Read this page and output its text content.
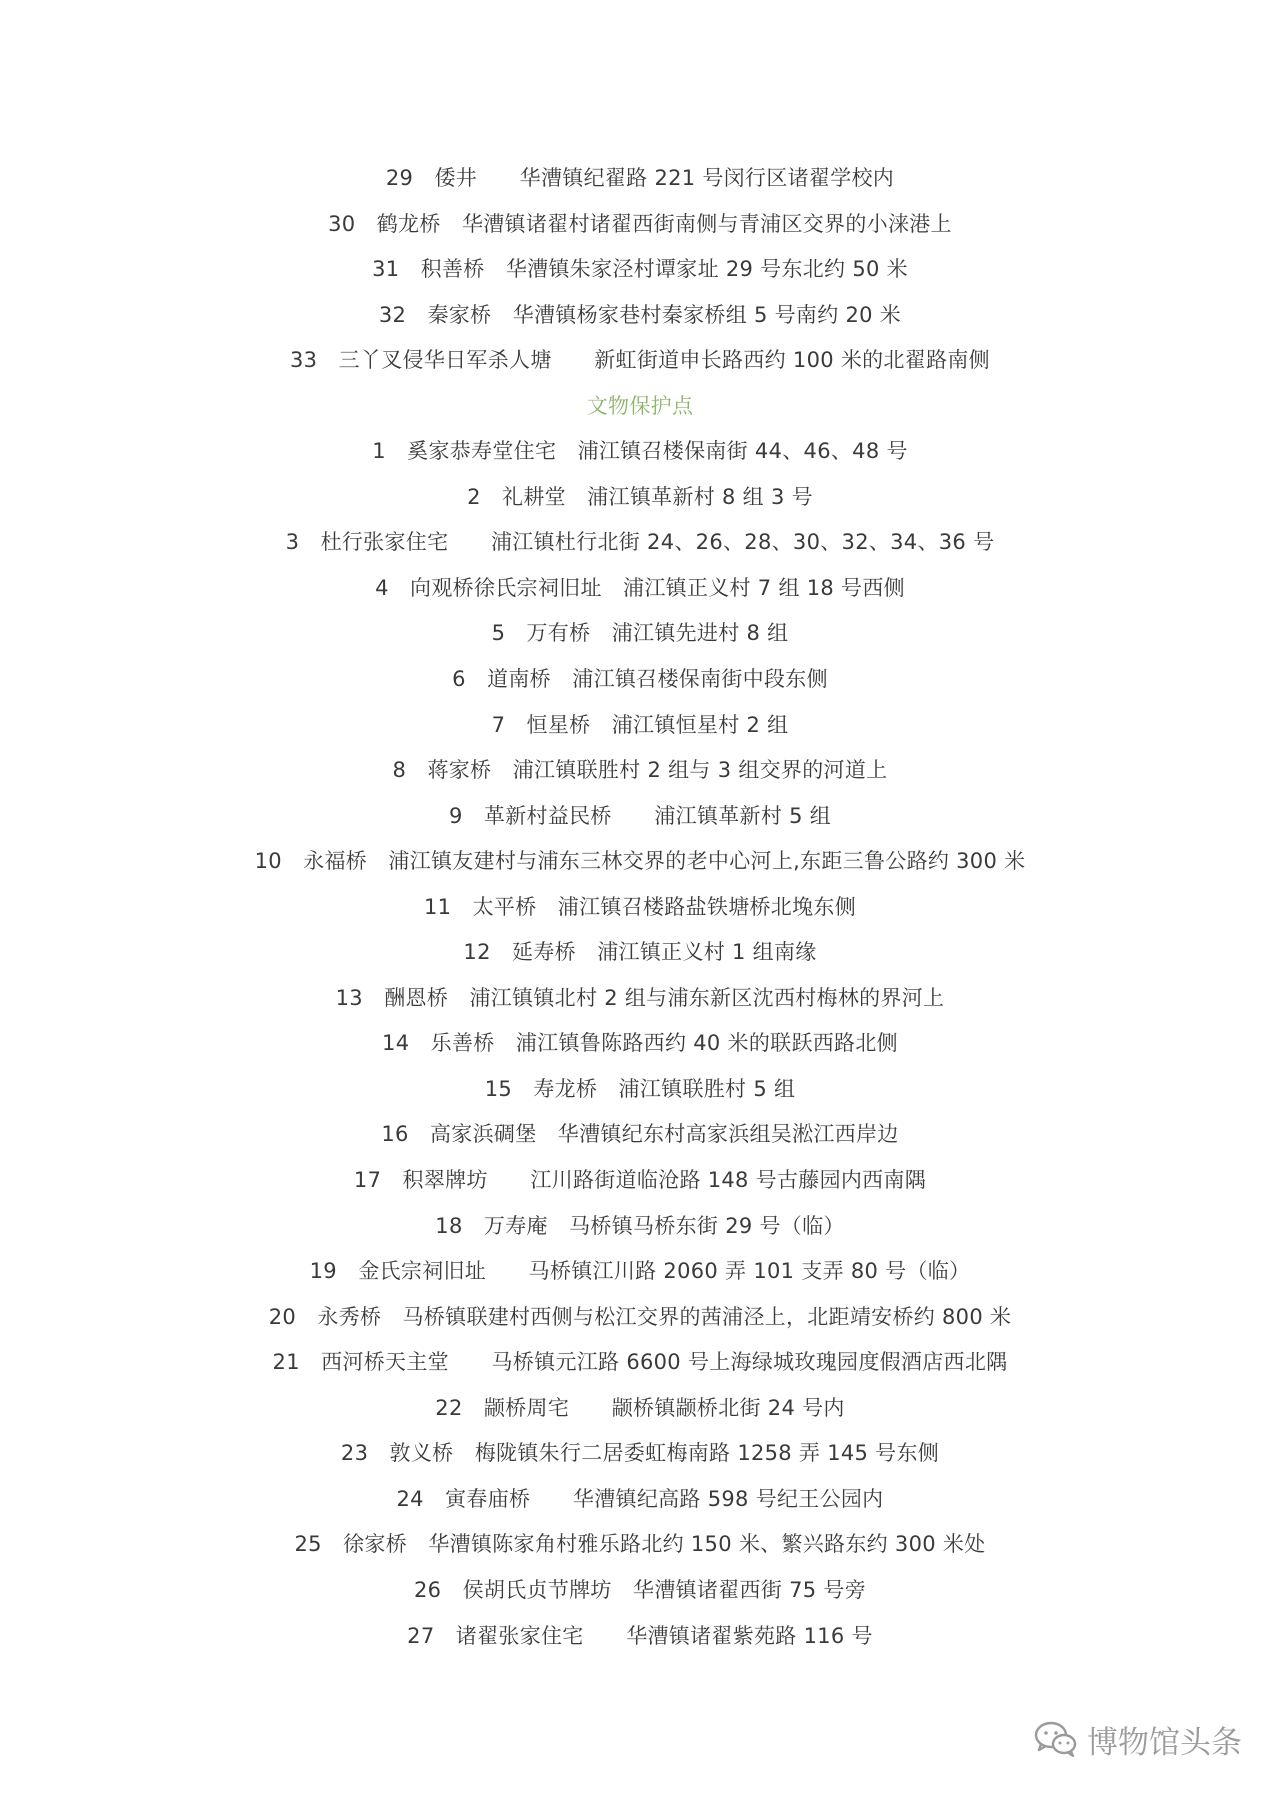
29　倭井　　华漕镇纪翟路 221 号闵行区诸翟学校内
30　鹤龙桥　华漕镇诸翟村诸翟西街南侧与青浦区交界的小涞港上
31　积善桥　华漕镇朱家泾村谭家址 29 号东北约 50 米
32　秦家桥　华漕镇杨家巷村秦家桥组 5 号南约 20 米
33　三丫叉侵华日军杀人塘　　新虹街道申长路西约 100 米的北翟路南侧
文物保护点
1　奚家恭寿堂住宅　浦江镇召楼保南街 44、46、48 号
2　礼耕堂　浦江镇革新村 8 组 3 号
3　杜行张家住宅　　浦江镇杜行北街 24、26、28、30、32、34、36 号
4　向观桥徐氏宗祠旧址　浦江镇正义村 7 组 18 号西侧
5　万有桥　浦江镇先进村 8 组
6　道南桥　浦江镇召楼保南街中段东侧
7　恒星桥　浦江镇恒星村 2 组
8　蒋家桥　浦江镇联胜村 2 组与 3 组交界的河道上
9　革新村益民桥　　浦江镇革新村 5 组
10　永福桥　浦江镇友建村与浦东三林交界的老中心河上,东距三鲁公路约 300 米
11　太平桥　浦江镇召楼路盐铁塘桥北堍东侧
12　延寿桥　浦江镇正义村 1 组南缘
13　酬恩桥　浦江镇镇北村 2 组与浦东新区沈西村梅林的界河上
14　乐善桥　浦江镇鲁陈路西约 40 米的联跃西路北侧
15　寿龙桥　浦江镇联胜村 5 组
16　高家浜碉堡　华漕镇纪东村高家浜组吴淞江西岸边
17　积翠牌坊　　江川路街道临沧路 148 号古藤园内西南隅
18　万寿庵　马桥镇马桥东街 29 号（临）
19　金氏宗祠旧址　　马桥镇江川路 2060 弄 101 支弄 80 号（临）
20　永秀桥　马桥镇联建村西侧与松江交界的茜浦泾上，北距靖安桥约 800 米
21　西河桥天主堂　　马桥镇元江路 6600 号上海绿城玫瑰园度假酒店西北隅
22　颛桥周宅　　颛桥镇颛桥北街 24 号内
23　敦义桥　梅陇镇朱行二居委虹梅南路 1258 弄 145 号东侧
24　寅春庙桥　　华漕镇纪高路 598 号纪王公园内
25　徐家桥　华漕镇陈家角村雅乐路北约 150 米、繁兴路东约 300 米处
26　侯胡氏贞节牌坊　华漕镇诸翟西街 75 号旁
27　诸翟张家住宅　　华漕镇诸翟紫苑路 116 号
博物馆头条
